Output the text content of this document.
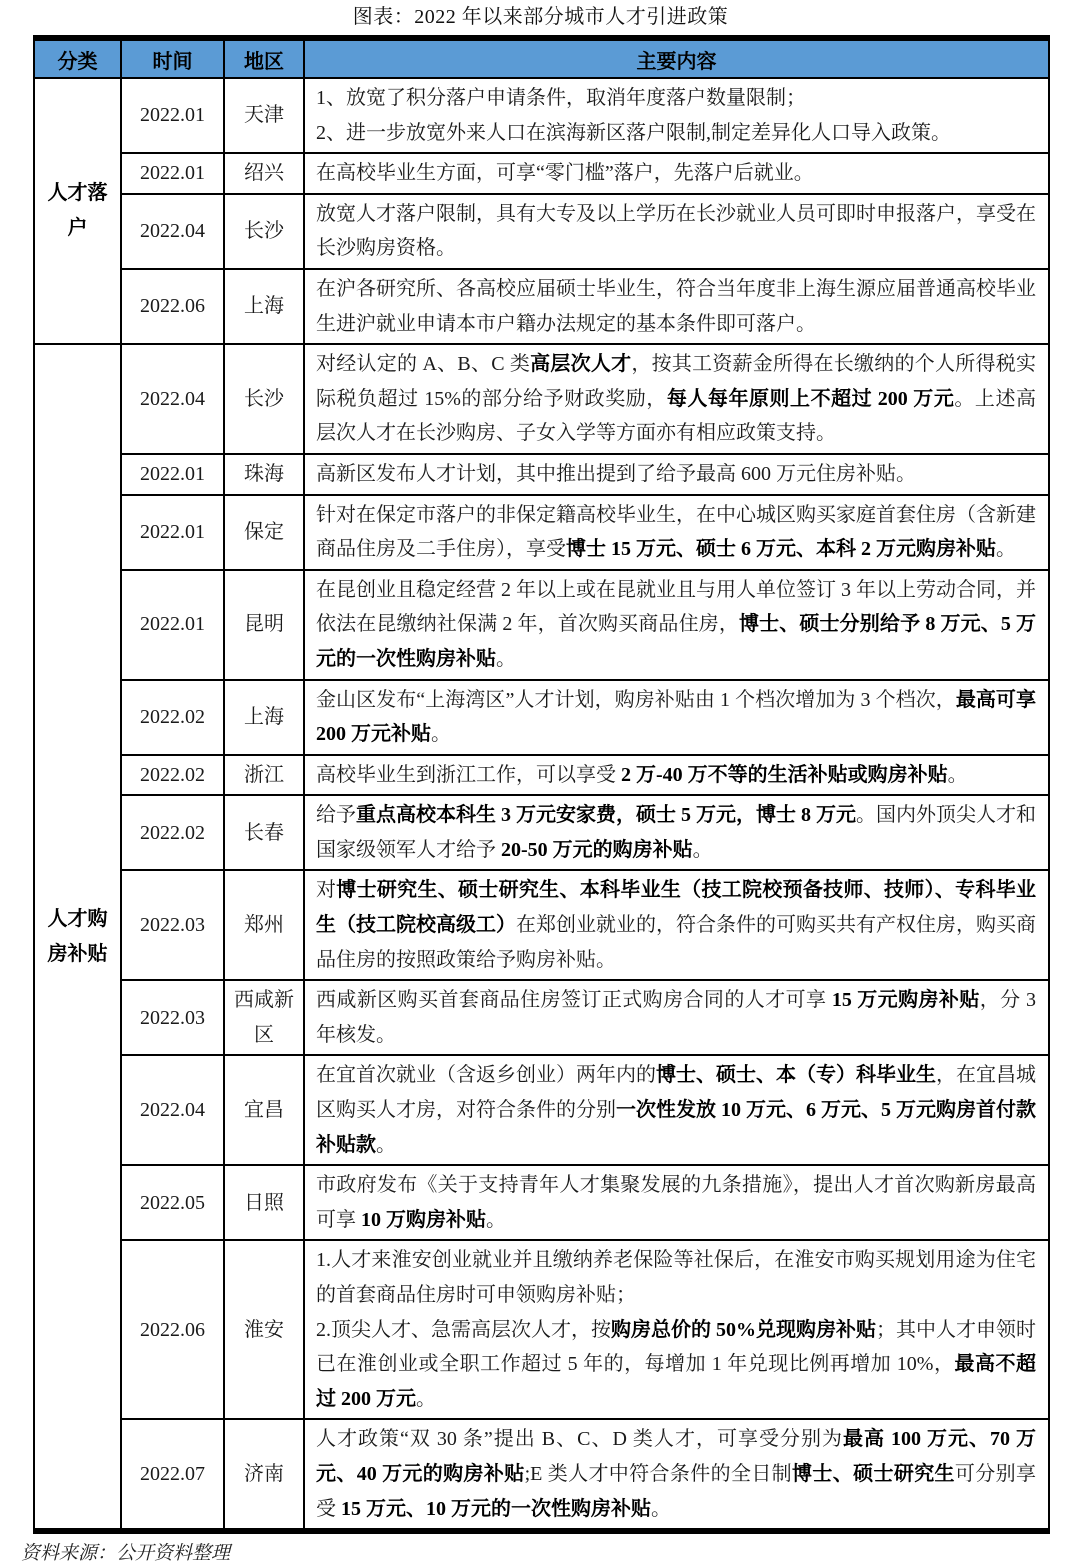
图表：2022 年以来部分城市人才引进政策
分类	时间	地区	主要内容
人才落户	2022.01	天津	1、放宽了积分落户申请条件，取消年度落户数量限制；
2、进一步放宽外来人口在滨海新区落户限制,制定差异化人口导入政策。
	2022.01	绍兴	在高校毕业生方面，可享“零门槛”落户，先落户后就业。
	2022.04	长沙	放宽人才落户限制，具有大专及以上学历在长沙就业人员可即时申报落户，享受在长沙购房资格。
	2022.06	上海	在沪各研究所、各高校应届硕士毕业生，符合当年度非上海生源应届普通高校毕业生进沪就业申请本市户籍办法规定的基本条件即可落户。
人才购房补贴	2022.04	长沙	对经认定的 A、B、C 类高层次人才，按其工资薪金所得在长缴纳的个人所得税实际税负超过 15%的部分给予财政奖励，每人每年原则上不超过 200 万元。上述高层次人才在长沙购房、子女入学等方面亦有相应政策支持。
	2022.01	珠海	高新区发布人才计划，其中推出提到了给予最高 600 万元住房补贴。
	2022.01	保定	针对在保定市落户的非保定籍高校毕业生，在中心城区购买家庭首套住房（含新建商品住房及二手住房），享受博士 15 万元、硕士 6 万元、本科 2 万元购房补贴。
	2022.01	昆明	在昆创业且稳定经营 2 年以上或在昆就业且与用人单位签订 3 年以上劳动合同，并依法在昆缴纳社保满 2 年，首次购买商品住房，博士、硕士分别给予 8 万元、5 万元的一次性购房补贴。
	2022.02	上海	金山区发布“上海湾区”人才计划，购房补贴由 1 个档次增加为 3 个档次，最高可享 200 万元补贴。
	2022.02	浙江	高校毕业生到浙江工作，可以享受 2 万-40 万不等的生活补贴或购房补贴。
	2022.02	长春	给予重点高校本科生 3 万元安家费，硕士 5 万元，博士 8 万元。国内外顶尖人才和国家级领军人才给予 20-50 万元的购房补贴。
	2022.03	郑州	对博士研究生、硕士研究生、本科毕业生（技工院校预备技师、技师）、专科毕业生（技工院校高级工）在郑创业就业的，符合条件的可购买共有产权住房，购买商品住房的按照政策给予购房补贴。
	2022.03	西咸新区	西咸新区购买首套商品住房签订正式购房合同的人才可享 15 万元购房补贴，分 3 年核发。
	2022.04	宜昌	在宜首次就业（含返乡创业）两年内的博士、硕士、本（专）科毕业生，在宜昌城区购买人才房，对符合条件的分别一次性发放 10 万元、6 万元、5 万元购房首付款补贴款。
	2022.05	日照	市政府发布《关于支持青年人才集聚发展的九条措施》，提出人才首次购新房最高可享 10 万购房补贴。
	2022.06	淮安	1.人才来淮安创业就业并且缴纳养老保险等社保后，在淮安市购买规划用途为住宅的首套商品住房时可申领购房补贴；
2.顶尖人才、急需高层次人才，按购房总价的 50%兑现购房补贴；其中人才申领时已在淮创业或全职工作超过 5 年的，每增加 1 年兑现比例再增加 10%，最高不超过 200 万元。
	2022.07	济南	人才政策“双 30 条”提出 B、C、D 类人才，可享受分别为最高 100 万元、70 万元、40 万元的购房补贴;E 类人才中符合条件的全日制博士、硕士研究生可分别享受 15 万元、10 万元的一次性购房补贴。
资料来源：公开资料整理
